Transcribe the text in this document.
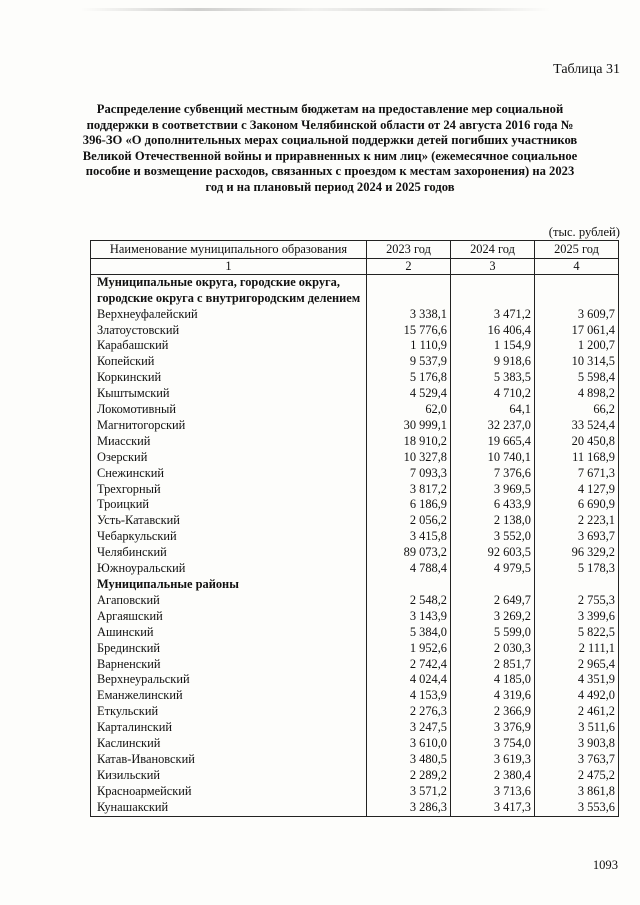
Таблица 31
Распределение субвенций местным бюджетам на предоставление мер социальной поддержки в соответствии с Законом Челябинской области от 24 августа 2016 года № 396-ЗО «О дополнительных мерах социальной поддержки детей погибших участников Великой Отечественной войны и приравненных к ним лиц» (ежемесячное социальное пособие и возмещение расходов, связанных с проездом к местам захоронения) на 2023 год и на плановый период 2024 и 2025 годов
(тыс. рублей)
Наименование муниципального образования	2023 год	2024 год	2025 год
1	2	3	4
Муниципальные округа, городские округа, городские округа с внутригородским делением			
Верхнеуфалейский	3 338,1	3 471,2	3 609,7
Златоустовский	15 776,6	16 406,4	17 061,4
Карабашский	1 110,9	1 154,9	1 200,7
Копейский	9 537,9	9 918,6	10 314,5
Коркинский	5 176,8	5 383,5	5 598,4
Кыштымский	4 529,4	4 710,2	4 898,2
Локомотивный	62,0	64,1	66,2
Магнитогорский	30 999,1	32 237,0	33 524,4
Миасский	18 910,2	19 665,4	20 450,8
Озерский	10 327,8	10 740,1	11 168,9
Снежинский	7 093,3	7 376,6	7 671,3
Трехгорный	3 817,2	3 969,5	4 127,9
Троицкий	6 186,9	6 433,9	6 690,9
Усть-Катавский	2 056,2	2 138,0	2 223,1
Чебаркульский	3 415,8	3 552,0	3 693,7
Челябинский	89 073,2	92 603,5	96 329,2
Южноуральский	4 788,4	4 979,5	5 178,3
Муниципальные районы			
Агаповский	2 548,2	2 649,7	2 755,3
Аргаяшский	3 143,9	3 269,2	3 399,6
Ашинский	5 384,0	5 599,0	5 822,5
Брединский	1 952,6	2 030,3	2 111,1
Варненский	2 742,4	2 851,7	2 965,4
Верхнеуральский	4 024,4	4 185,0	4 351,9
Еманжелинский	4 153,9	4 319,6	4 492,0
Еткульский	2 276,3	2 366,9	2 461,2
Карталинский	3 247,5	3 376,9	3 511,6
Каслинский	3 610,0	3 754,0	3 903,8
Катав-Ивановский	3 480,5	3 619,3	3 763,7
Кизильский	2 289,2	2 380,4	2 475,2
Красноармейский	3 571,2	3 713,6	3 861,8
Кунашакский	3 286,3	3 417,3	3 553,6
1093
